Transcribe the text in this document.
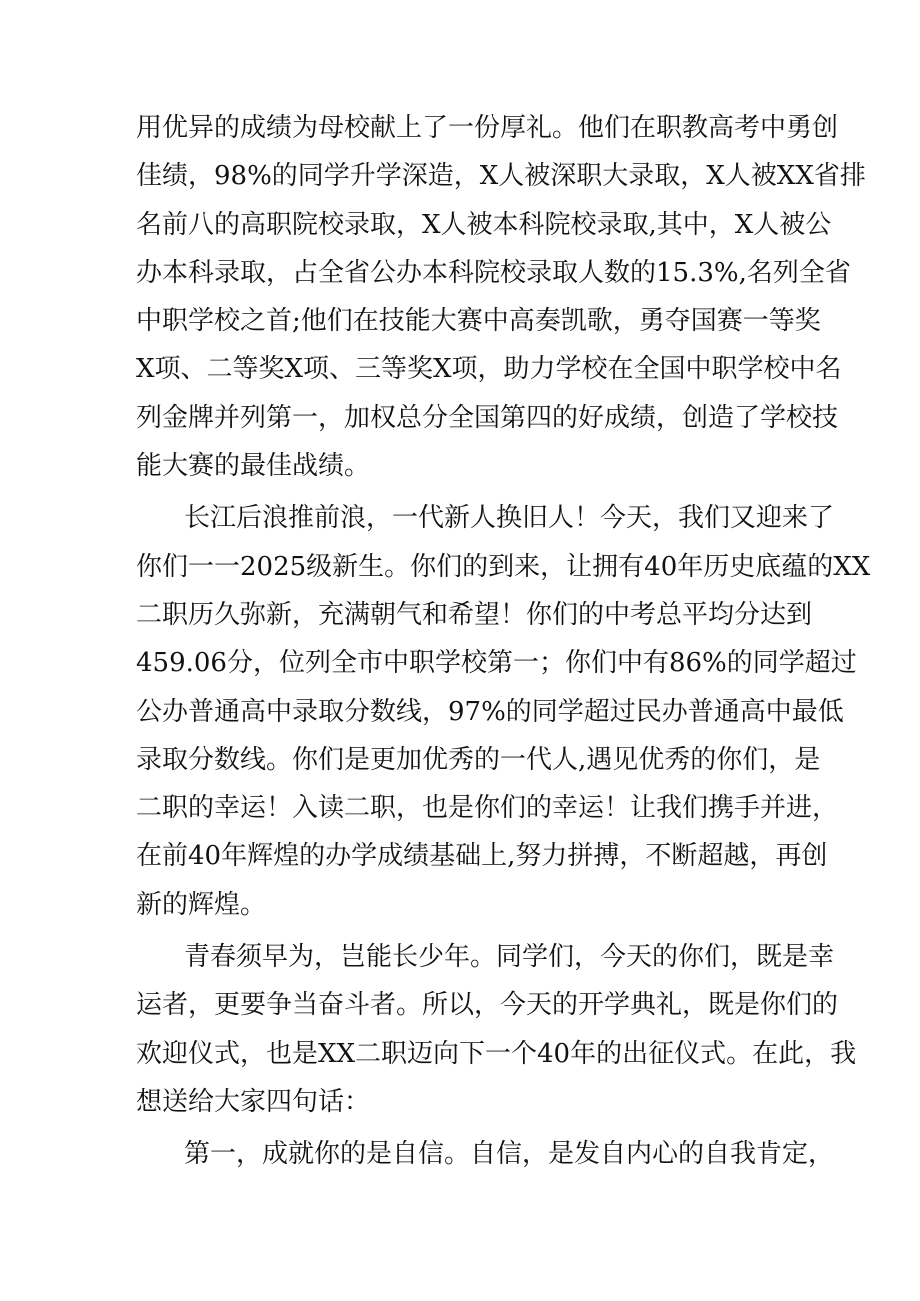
用优异的成绩为母校献上了一份厚礼。他们在职教高考中勇创
佳绩，98%的同学升学深造，X人被深职大录取，X人被XX省排
名前八的高职院校录取，X人被本科院校录取,其中，X人被公
办本科录取，占全省公办本科院校录取人数的15.3%,名列全省
中职学校之首;他们在技能大赛中高奏凯歌，勇夺国赛一等奖
X项、二等奖X项、三等奖X项，助力学校在全国中职学校中名
列金牌并列第一，加权总分全国第四的好成绩，创造了学校技
能大赛的最佳战绩。
长江后浪推前浪，一代新人换旧人！今天，我们又迎来了
你们一一2025级新生。你们的到来，让拥有40年历史底蕴的XX
二职历久弥新，充满朝气和希望！你们的中考总平均分达到
459.06分，位列全市中职学校第一；你们中有86%的同学超过
公办普通高中录取分数线，97%的同学超过民办普通高中最低
录取分数线。你们是更加优秀的一代人,遇见优秀的你们，是
二职的幸运！入读二职，也是你们的幸运！让我们携手并进，
在前40年辉煌的办学成绩基础上,努力拼搏，不断超越，再创
新的辉煌。
青春须早为，岂能长少年。同学们，今天的你们，既是幸
运者，更要争当奋斗者。所以，今天的开学典礼，既是你们的
欢迎仪式，也是XX二职迈向下一个40年的出征仪式。在此，我
想送给大家四句话：
第一，成就你的是自信。自信，是发自内心的自我肯定，
